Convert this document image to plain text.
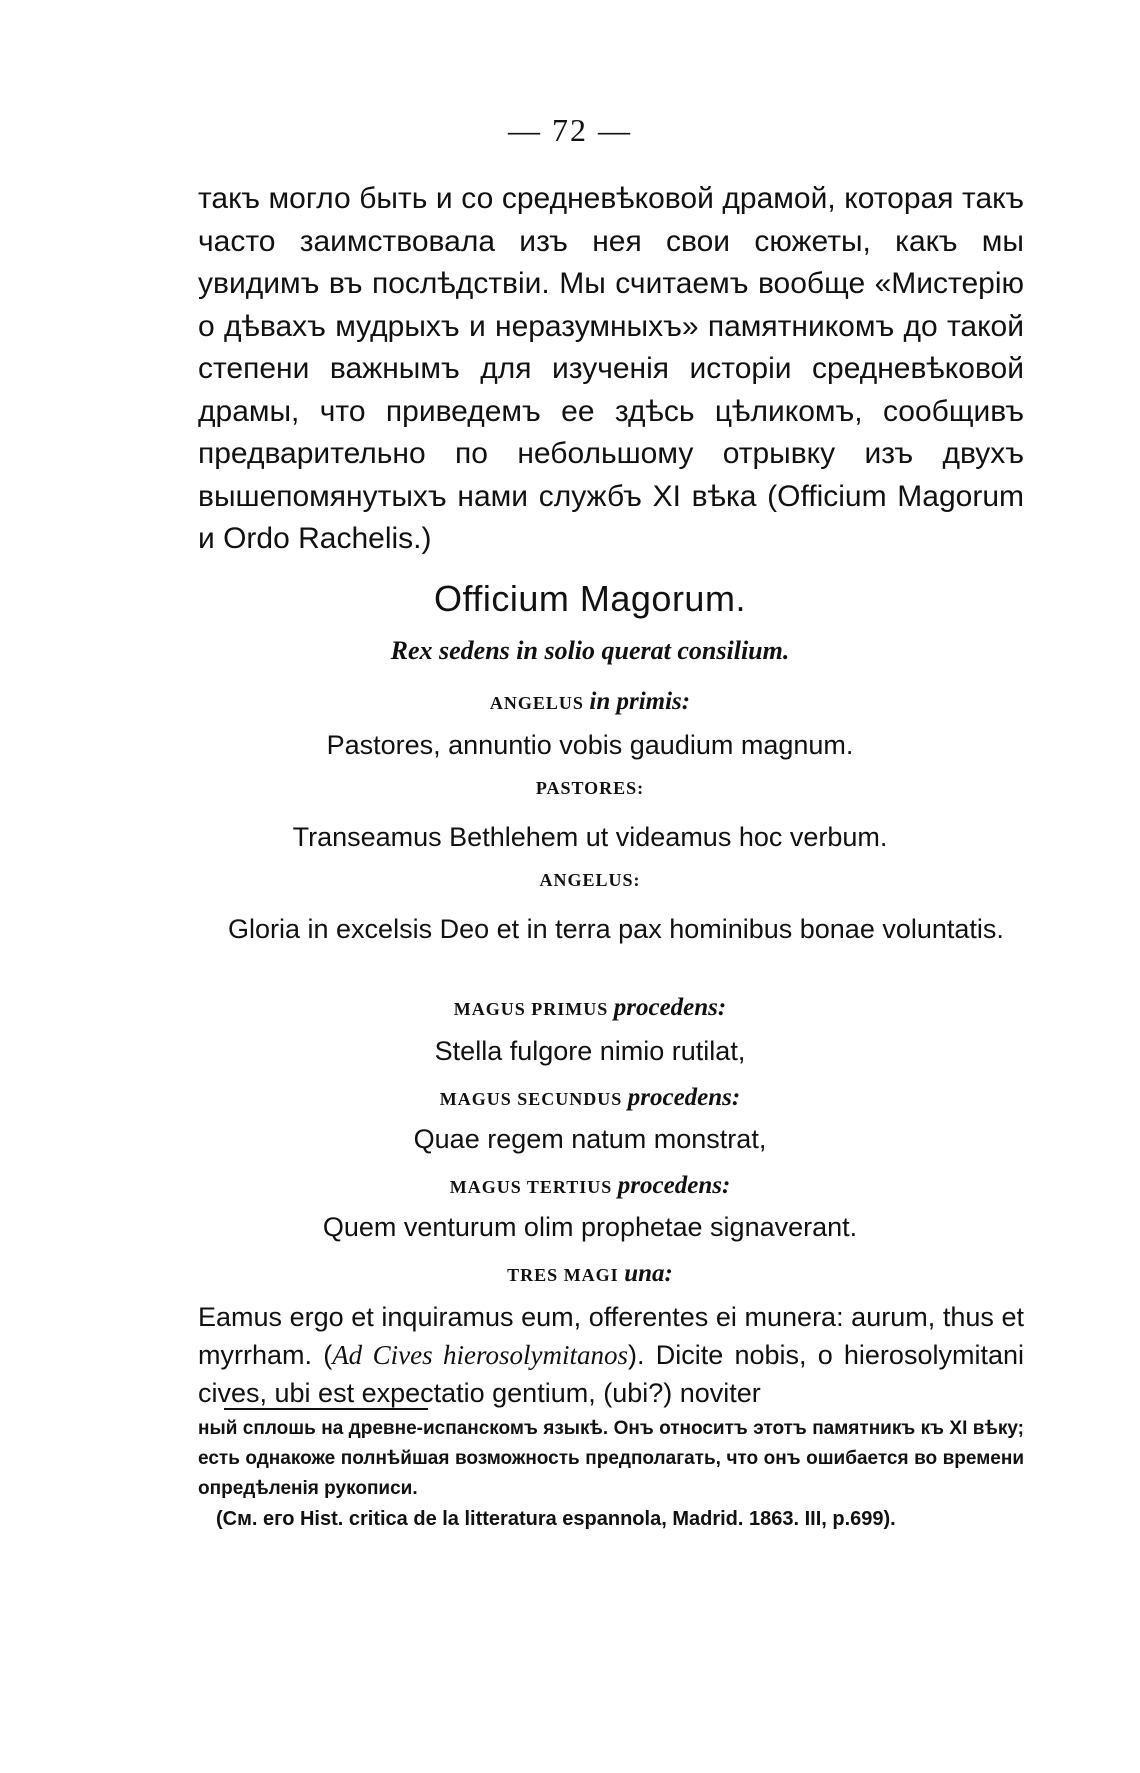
— 72 —
такъ могло быть и со средневѣковой драмой, которая такъ часто заимствовала изъ нея свои сюжеты, какъ мы увидимъ въ послѣдствіи. Мы считаемъ вообще «Мистерію о дѣвахъ мудрыхъ и неразумныхъ» памятникомъ до такой степени важнымъ для изученія исторіи средневѣковой драмы, что приведемъ ее здѣсь цѣликомъ, сообщивъ предварительно по небольшому отрывку изъ двухъ вышепомянутыхъ нами службъ XI вѣка (Officium Magorum и Ordo Rachelis.)
Officium Magorum.
Rex sedens in solio querat consilium.
ANGELUS in primis:
Pastores, annuntio vobis gaudium magnum.
PASTORES:
Transeamus Bethlehem ut videamus hoc verbum.
ANGELUS:
Gloria in excelsis Deo et in terra pax hominibus bonae voluntatis.
MAGUS PRIMUS procedens:
Stella fulgore nimio rutilat,
MAGUS SECUNDUS procedens:
Quae regem natum monstrat,
MAGUS TERTIUS procedens:
Quem venturum olim prophetae signaverant.
TRES MAGI una:
Eamus ergo et inquiramus eum, offerentes ei munera: aurum, thus et myrrham. (Ad Cives hierosolymitanos). Dicite nobis, o hierosolymitani cives, ubi est expectatio gentium, (ubi?) noviter
ный сплошь на древне-испанскомъ языкѣ. Онъ относитъ этотъ памятникъ къ XI вѣку; есть однакоже полнѣйшая возможность предполагать, что онъ ошибается во времени опредѣленія рукописи.
(См. его Hist. critica de la litteratura espannola, Madrid. 1863. III, p.699).
